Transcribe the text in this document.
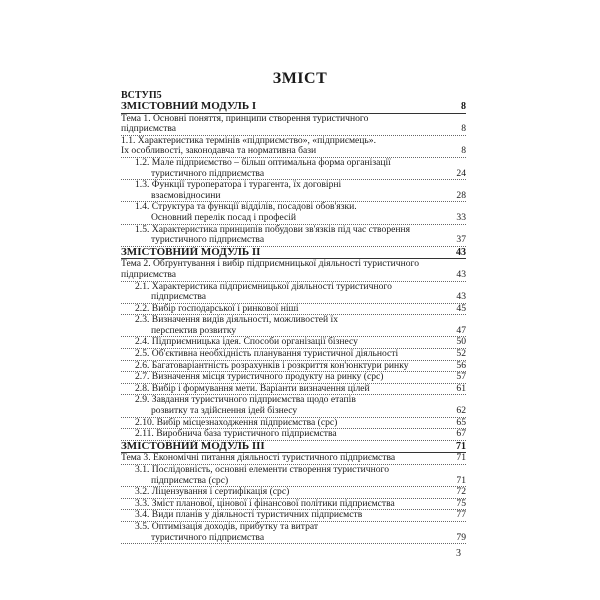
ЗМІСТ
ВСТУП5
ЗМІСТОВНИЙ МОДУЛЬ І	8
Тема 1. Основні поняття, принципи створення туристичного
підприємства	8
1.1. Характеристика термінів «підприємство», «підприємець».
Їх особливості, законодавча та нормативна бази	8
1.2. Мале підприємство – більш оптимальна форма організації
туристичного підприємства	24
1.3. Функції туроператора і турагента, їх договірні
взаємовідносини	28
1.4. Структура та функції відділів, посадові обов'язки.
Основний перелік посад і професій	33
1.5. Характеристика принципів побудови зв'язків під час створення
туристичного підприємства	37
ЗМІСТОВНИЙ МОДУЛЬ ІІ	43
Тема 2. Обґрунтування і вибір підприємницької діяльності туристичного
підприємства	43
2.1. Характеристика підприємницької діяльності туристичного
підприємства	43
2.2. Вибір господарської і ринкової ніші	45
2.3. Визначення видів діяльності, можливостей їх
перспектив розвитку	47
2.4. Підприємницька ідея. Способи організації бізнесу	50
2.5. Об'єктивна необхідність планування туристичної діяльності	52
2.6. Багатоваріантність розрахунків і розкриття кон'юнктури ринку	56
2.7. Визначення місця туристичного продукту на ринку (срс)	57
2.8. Вибір і формування мети. Варіанти визначення цілей	61
2.9. Завдання туристичного підприємства щодо етапів
розвитку та здійснення ідей бізнесу	62
2.10. Вибір місцезнаходження підприємства (срс)	65
2.11. Виробнича база туристичного підприємства	67
ЗМІСТОВНИЙ МОДУЛЬ ІІІ	71
Тема 3. Економічні питання діяльності туристичного підприємства	71
3.1. Послідовність, основні елементи створення туристичного
підприємства (срс)	71
3.2. Ліцензування і сертифікація (срс)	72
3.3. Зміст планової, цінової і фінансової політики підприємства	75
3.4. Види планів у діяльності туристичних підприємств	77
3.5. Оптимізація доходів, прибутку та витрат
туристичного підприємства	79
3
